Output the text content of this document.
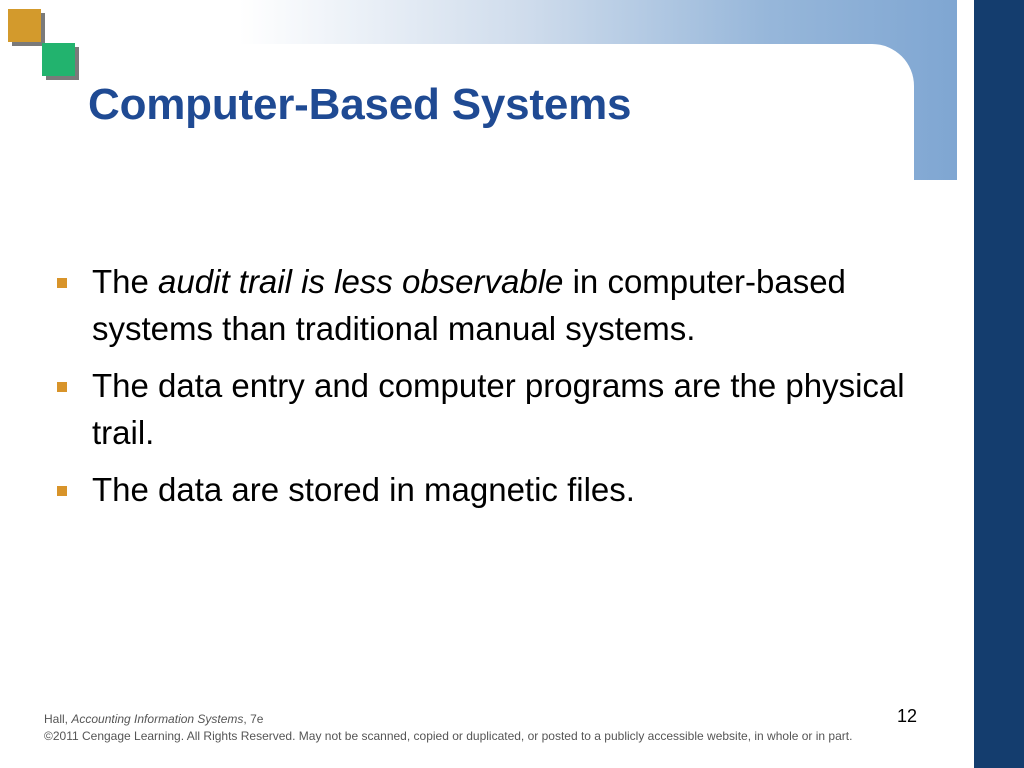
Computer-Based Systems
The audit trail is less observable in computer-based systems than traditional manual systems.
The data entry and computer programs are the physical trail.
The data are stored in magnetic files.
Hall, Accounting Information Systems, 7e
©2011 Cengage Learning. All Rights Reserved. May not be scanned, copied or duplicated, or posted to a publicly accessible website, in whole or in part.
12
